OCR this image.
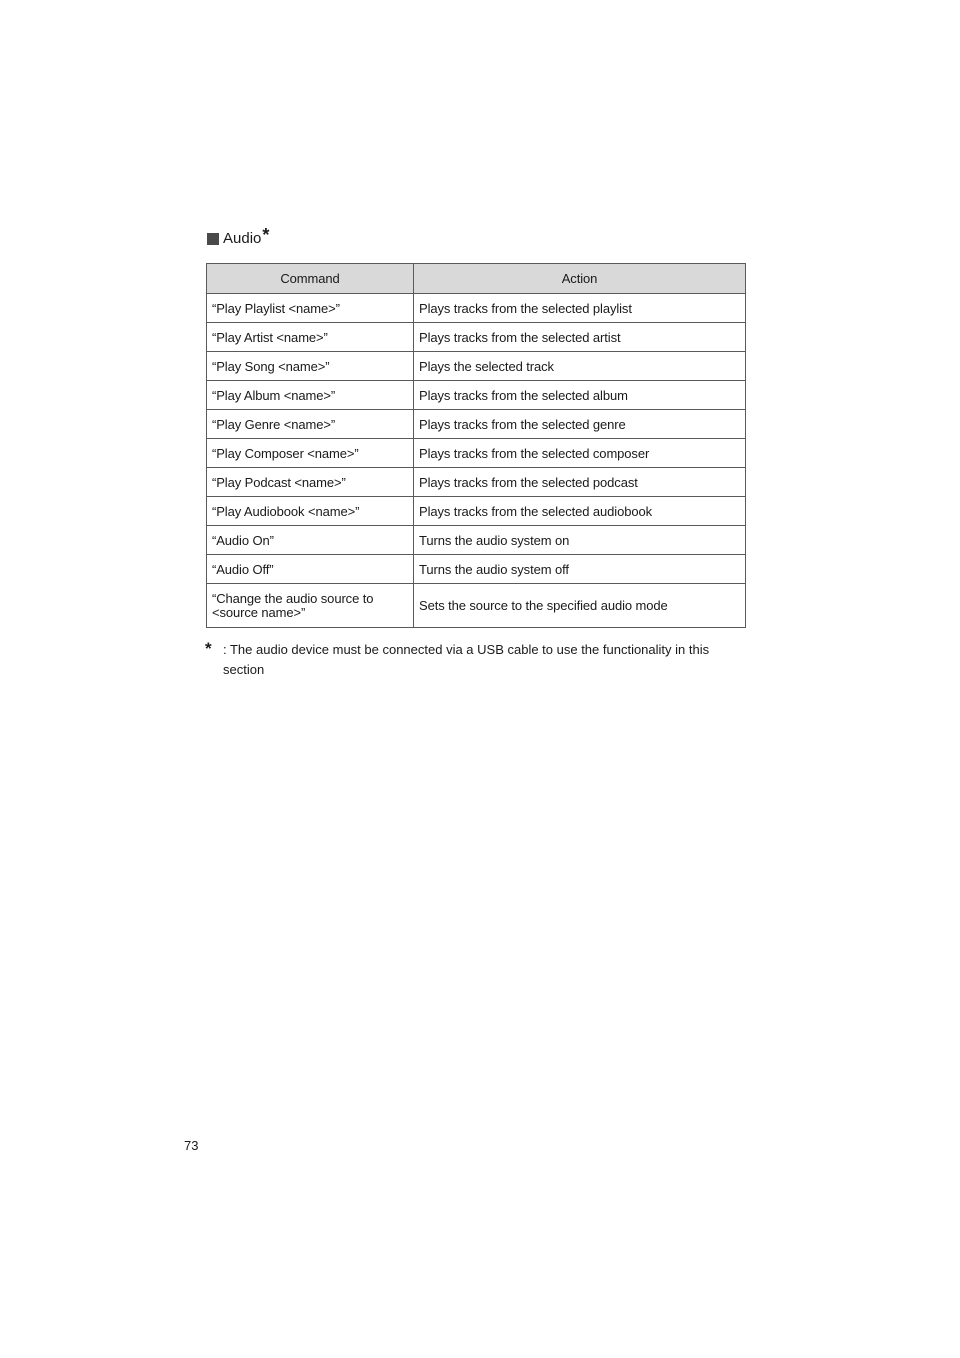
Audio *
Command	Action
“Play Playlist <name>”	Plays tracks from the selected playlist
“Play Artist <name>”	Plays tracks from the selected artist
“Play Song <name>”	Plays the selected track
“Play Album <name>”	Plays tracks from the selected album
“Play Genre <name>”	Plays tracks from the selected genre
“Play Composer <name>”	Plays tracks from the selected composer
“Play Podcast <name>”	Plays tracks from the selected podcast
“Play Audiobook <name>”	Plays tracks from the selected audiobook
“Audio On”	Turns the audio system on
“Audio Off”	Turns the audio system off
“Change the audio source to <source name>”	Sets the source to the specified audio mode
* : The audio device must be connected via a USB cable to use the functionality in this section
73
